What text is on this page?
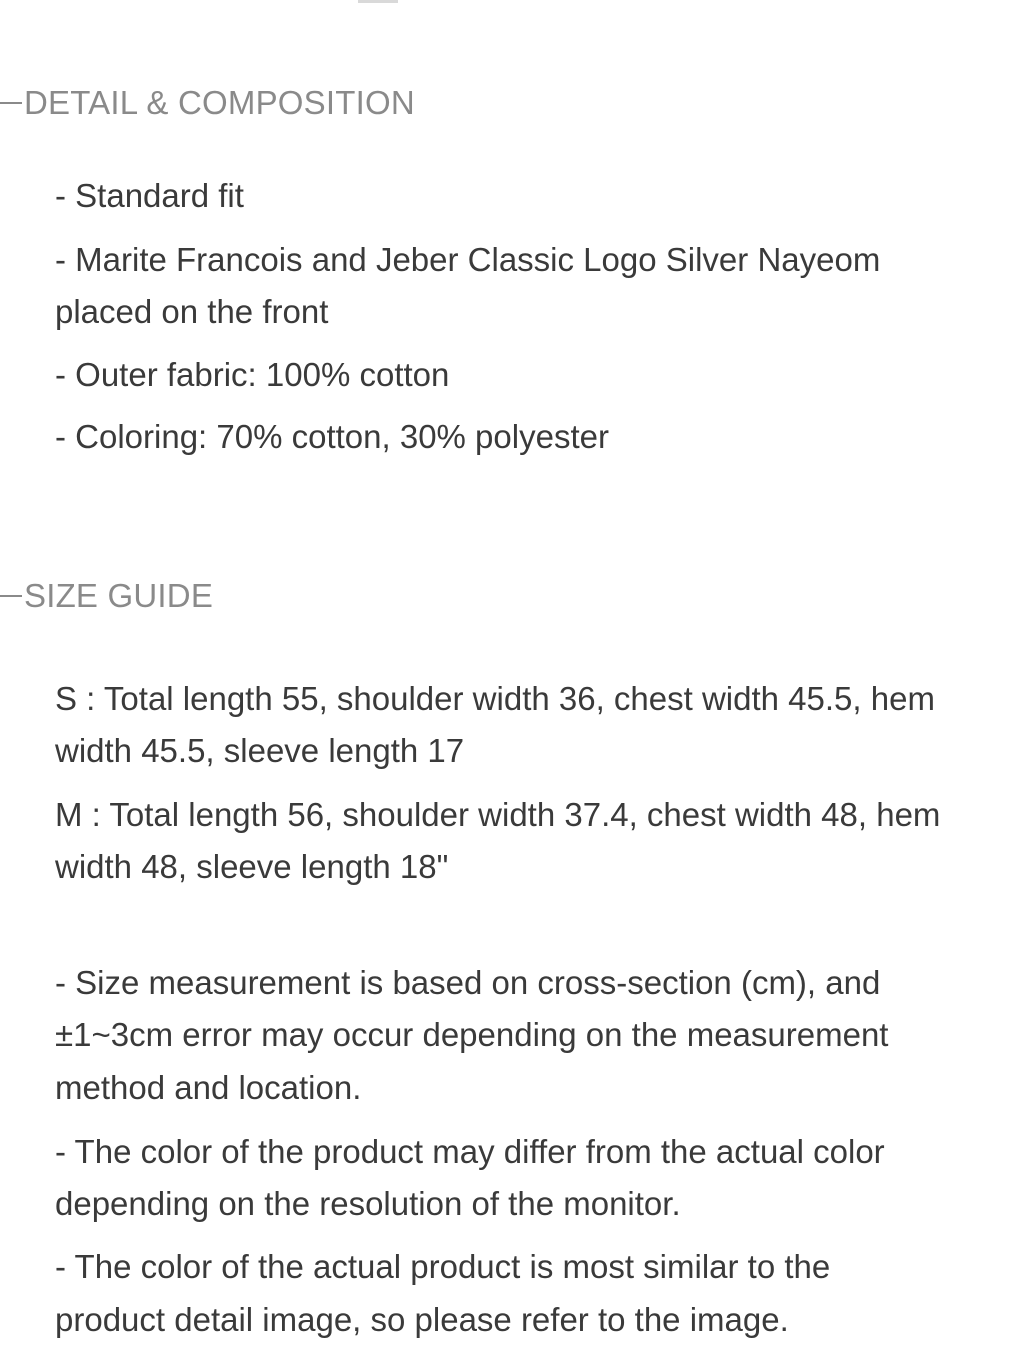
DETAIL & COMPOSITION

- Standard fit

- Marite Francois and Jeber Classic Logo Silver Nayeom

placed on the front

- Outer fabric: 100% cotton

- Coloring: 70% cotton, 30% polyester

SIZE GUIDE

S : Total length 55, shoulder width 36, chest width 45.5, hem

width 45.5, sleeve length 17

M : Total length 56, shoulder width 37.4, chest width 48, hem

width 48, sleeve length 18"

- Size measurement is based on cross-section (cm), and

±1~3cm error may occur depending on the measurement

method and location.

- The color of the product may differ from the actual color

depending on the resolution of the monitor.

- The color of the actual product is most similar to the

product detail image, so please refer to the image.
